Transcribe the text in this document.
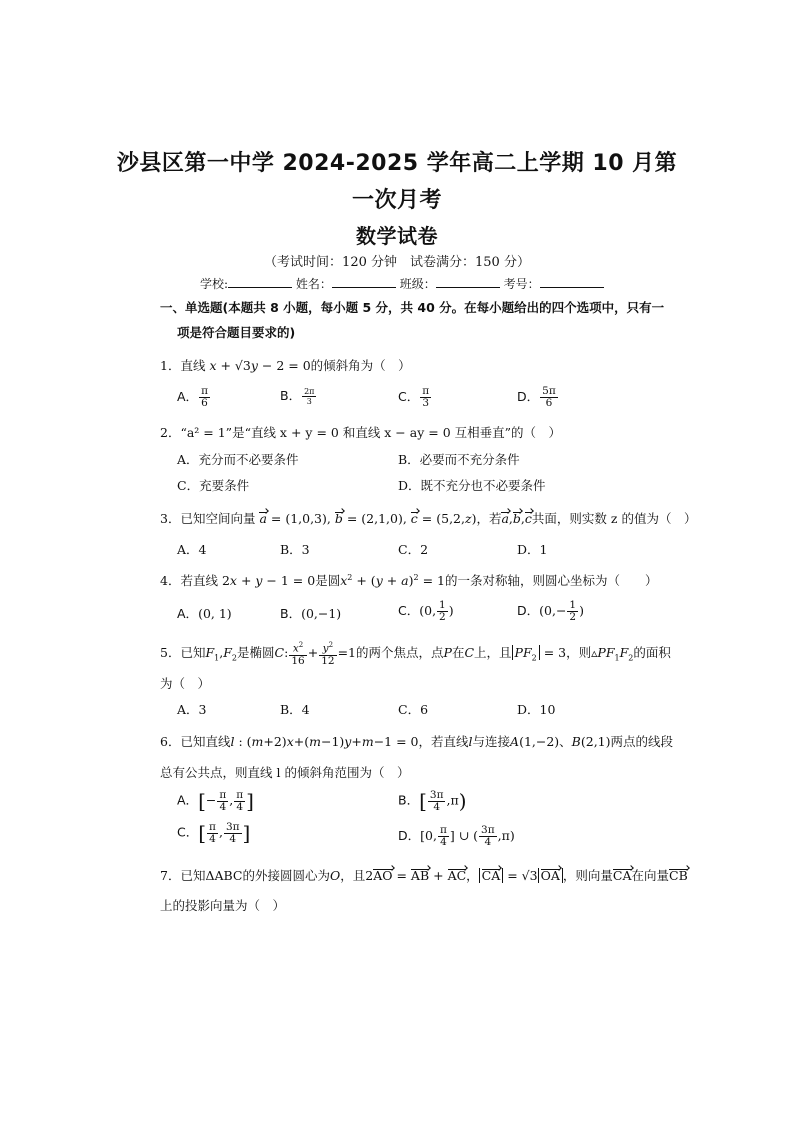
沙县区第一中学 2024-2025 学年高二上学期 10 月第
一次月考
数学试卷
（考试时间：120 分钟　试卷满分：150 分）
学校:	姓名：	班级：	考号：
一、单选题(本题共 8 小题，每小题 5 分，共 40 分。在每小题给出的四个选项中，只有一
项是符合题目要求的)
1．直线 x + √3y − 2 = 0的倾斜角为（　）
A． $\frac{\pi}{6}$	B． $\frac{2\pi}{3}$	C． $\frac{\pi}{3}$	D． $\frac{5\pi}{6}$
2．“a² = 1”是“直线 x + y = 0 和直线 x − ay = 0 互相垂直”的（　）
A．充分而不必要条件	B．必要而不充分条件
C．充要条件	D．既不充分也不必要条件
3．已知空间向量 a = (1,0,3), b = (2,1,0), c = (5,2,z)，若a,b,c共面，则实数 z 的值为（　）
A．4	B．3	C．2	D．1
4．若直线 2x + y − 1 = 0是圆$x^2 + (y + a)^2 = 1$的一条对称轴，则圆心坐标为（　　）
A．(0, 1)	B．(0,−1)	C．(0, $\frac{1}{2}$ )	D．($0,- \frac{1}{2}$ )
5．已知$F_1,F_2$是椭圆C: $\frac{x^2}{16} + \frac{y^2}{12} =1$的两个焦点，点P在C上，且 $PF_2 = 3$，则$▵PF_1F_2$的面积
为（　）
A．3	B．4	C．6	D．10
6．已知直线l : (m+2)x+(m−1)y+m−1 = 0，若直线l与连接A(1,−2)、B(2,1)两点的线段
总有公共点，则直线 l 的倾斜角范围为（　）
A．[− $\frac{\pi}{4}$ , $\frac{\pi}{4}$ ]	B．[ $\frac{3\pi}{4} ,\pi$)
C．[ $\frac{\pi}{4}$ , $\frac{3\pi}{4}$ ]	D．[0, $\frac{\pi}{4}$ ] ∪ ( $\frac{3\pi}{4} ,\pi$)
7．已知ΔABC的外接圆圆心为O，且2AO = AB + AC， CA = √3 OA ，则向量CA在向量CB
上的投影向量为（　）
